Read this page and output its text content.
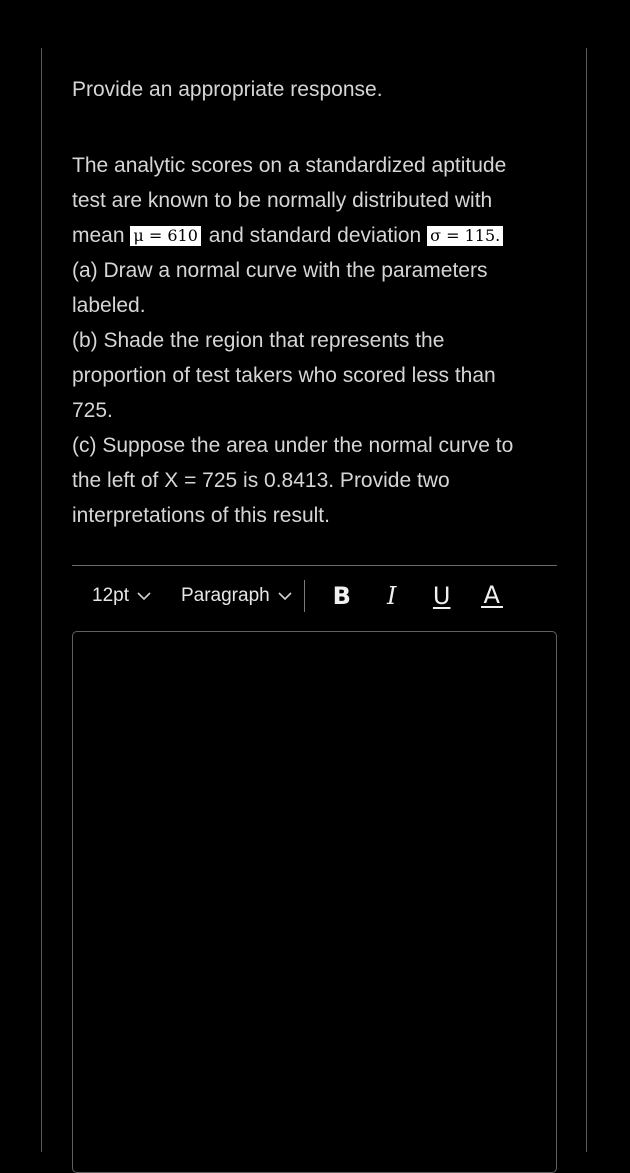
Provide an appropriate response.

The analytic scores on a standardized aptitude
test are known to be normally distributed with
mean μ = 610 and standard deviation σ = 115.
(a) Draw a normal curve with the parameters
labeled.
(b) Shade the region that represents the
proportion of test takers who scored less than
725.
(c) Suppose the area under the normal curve to
the left of X = 725 is 0.8413. Provide two
interpretations of this result.
12pt	Paragraph	B I U A
